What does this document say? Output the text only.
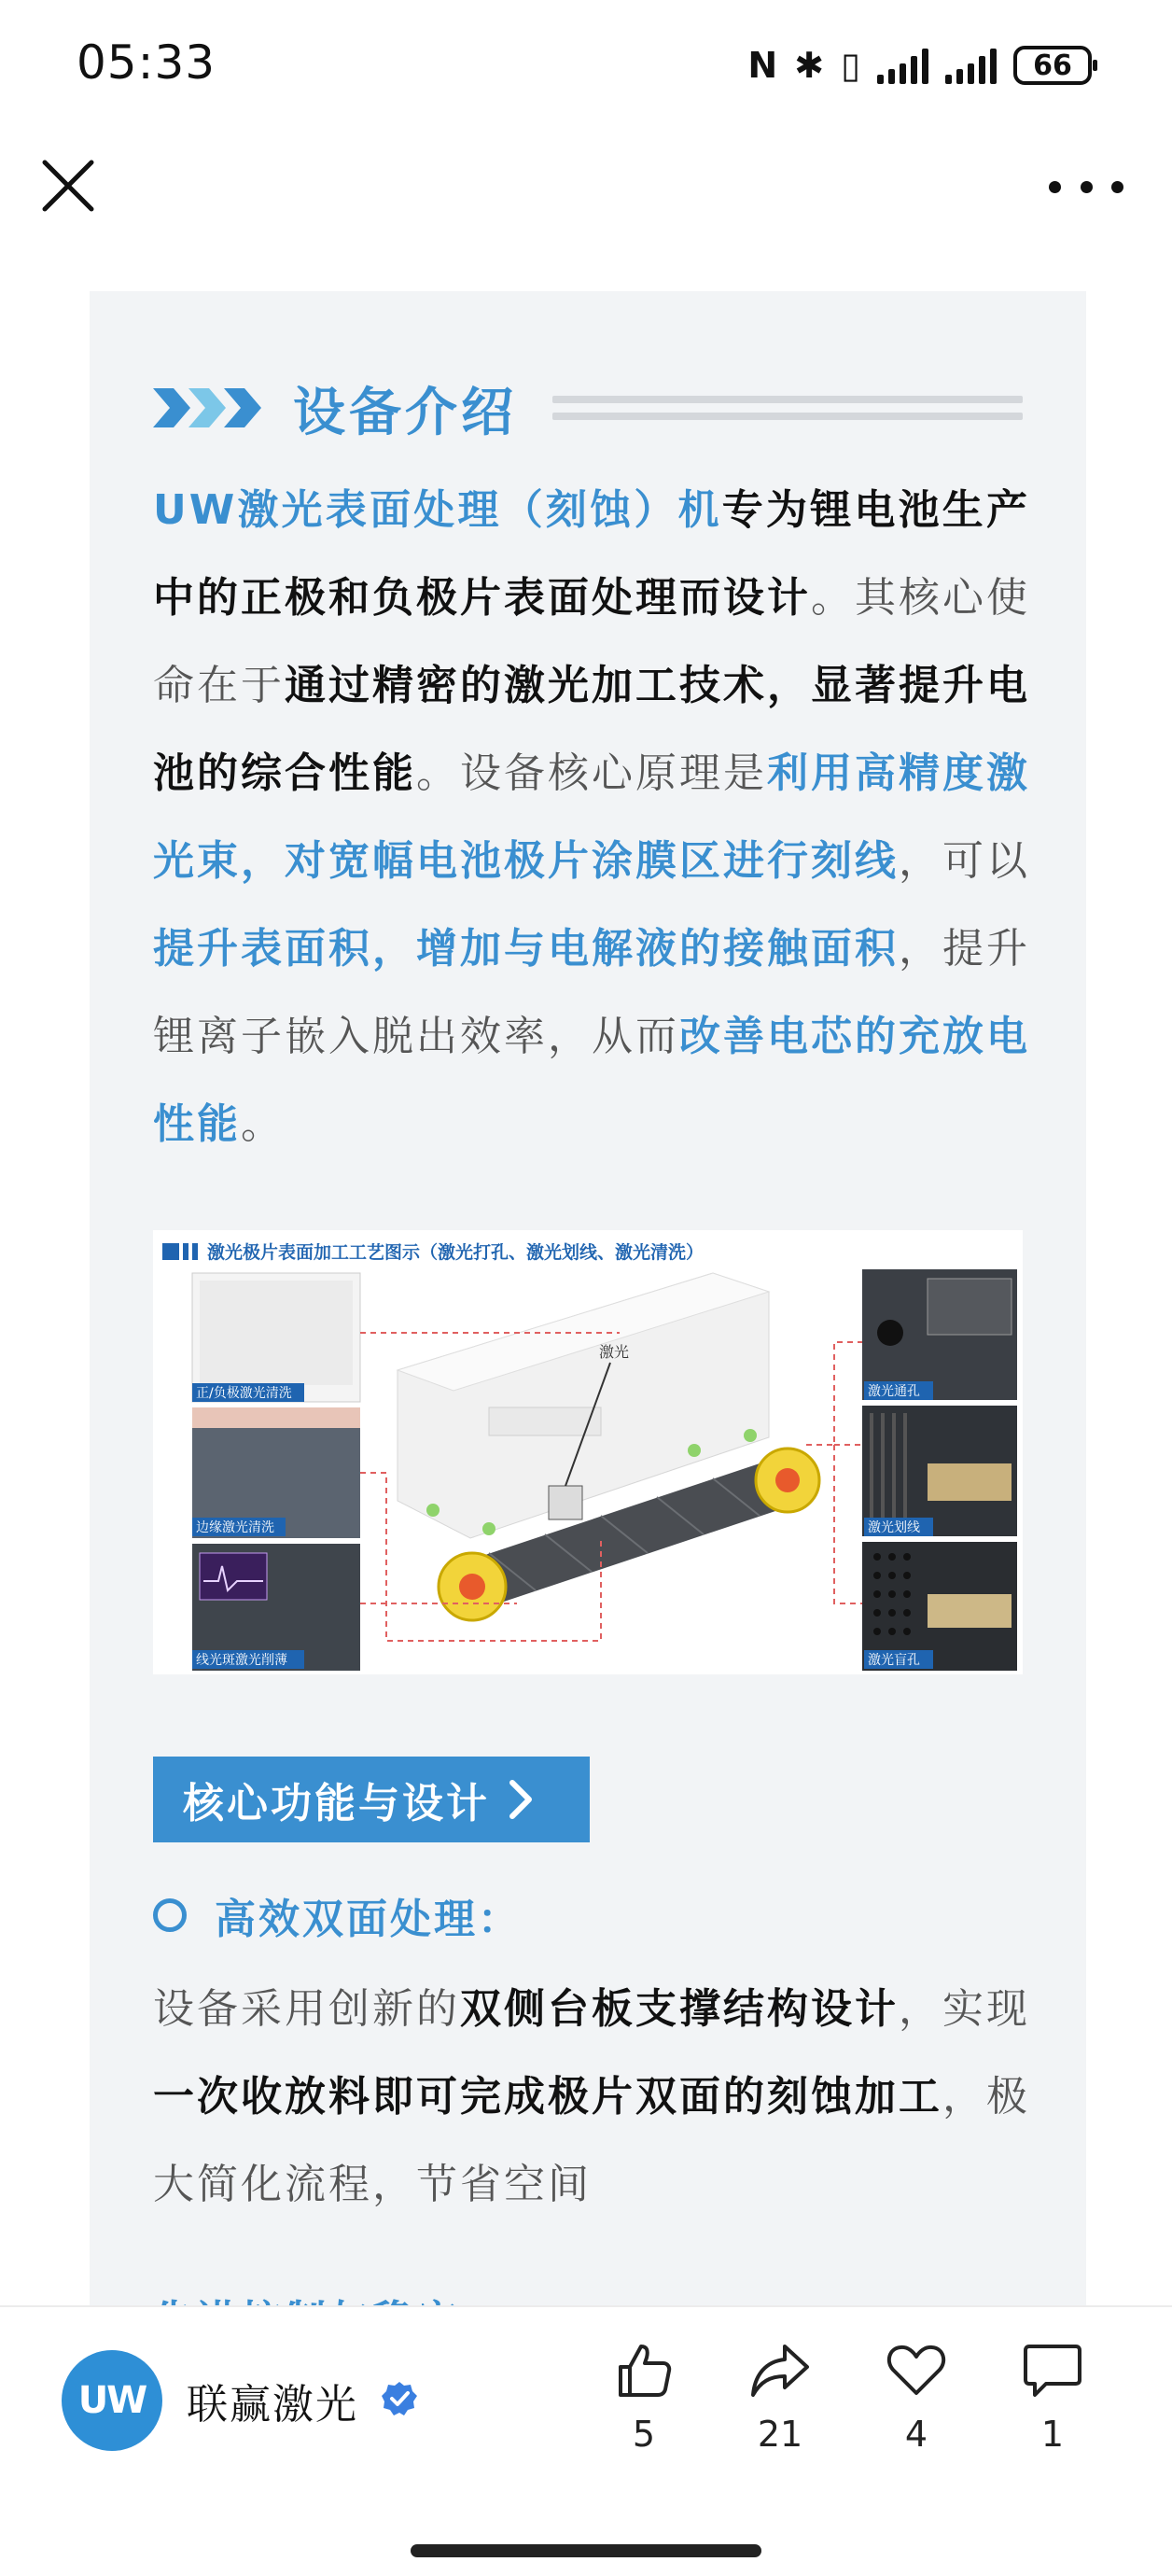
05:33	N ✱ ▯	66
设备介绍

UW激光表面处理（刻蚀）机专为锂电池生产中的正极和负极片表面处理而设计。其核心使命在于通过精密的激光加工技术，显著提升电池的综合性能。设备核心原理是利用高精度激光束，对宽幅电池极片涂膜区进行刻线，可以提升表面积，增加与电解液的接触面积，提升锂离子嵌入脱出效率，从而改善电芯的充放电性能。

激光极片表面加工工艺图示（激光打孔、激光划线、激光清洗）
正/负极激光清洗
边缘激光清洗
线光斑激光削薄
激光
激光通孔
激光划线
激光盲孔
核心功能与设计
高效双面处理：

设备采用创新的双侧台板支撑结构设计，实现一次收放料即可完成极片双面的刻蚀加工，极大简化流程，节省空间

UW 联赢激光
5	21	4	1
